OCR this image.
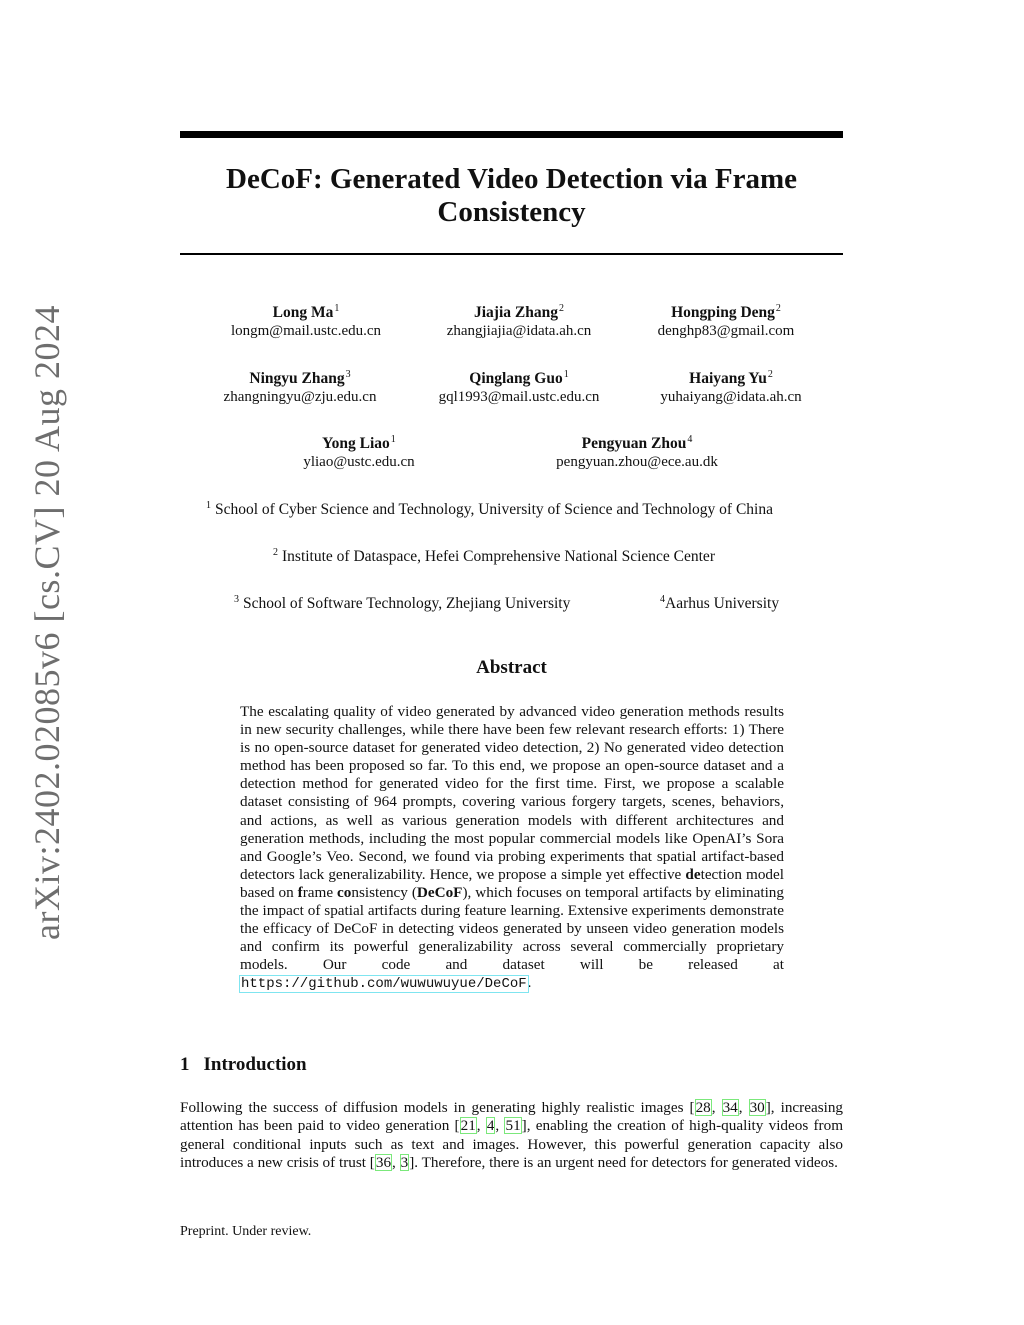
arXiv:2402.02085v6 [cs.CV] 20 Aug 2024
DeCoF: Generated Video Detection via Frame
Consistency
Long Ma$^1$
longm@mail.ustc.edu.cn
Jiajia Zhang$^2$
zhangjiajia@idata.ah.cn
Hongping Deng$^2$
denghp83@gmail.com
Ningyu Zhang$^3$
zhangningyu@zju.edu.cn
Qinglang Guo$^1$
gql1993@mail.ustc.edu.cn
Haiyang Yu$^2$
yuhaiyang@idata.ah.cn
Yong Liao$^1$
yliao@ustc.edu.cn
Pengyuan Zhou$^4$
pengyuan.zhou@ece.au.dk
$^1$ School of Cyber Science and Technology, University of Science and Technology of China
$^2$ Institute of Dataspace, Hefei Comprehensive National Science Center
$^3$ School of Software Technology, Zhejiang University	$^4$Aarhus University
Abstract
The escalating quality of video generated by advanced video generation methods results in new security challenges, while there have been few relevant research efforts: 1) There is no open-source dataset for generated video detection, 2) No generated video detection method has been proposed so far. To this end, we propose an open-source dataset and a detection method for generated video for the first time. First, we propose a scalable dataset consisting of 964 prompts, covering various forgery targets, scenes, behaviors, and actions, as well as various generation models with different architectures and generation methods, including the most popular commercial models like OpenAI’s Sora and Google’s Veo. Second, we found via probing experiments that spatial artifact-based detectors lack generalizability. Hence, we propose a simple yet effective detection model based on frame consistency (DeCoF), which focuses on temporal artifacts by eliminating the impact of spatial artifacts during feature learning. Extensive experiments demonstrate the efficacy of DeCoF in detecting videos generated by unseen video generation models and confirm its powerful generalizability across several commercially proprietary models. Our code and dataset will be released at https://github.com/wuwuwuyue/DeCoF.
1 Introduction
Following the success of diffusion models in generating highly realistic images [28, 34, 30], increasing attention has been paid to video generation [21, 4, 51], enabling the creation of high-quality videos from general conditional inputs such as text and images. However, this powerful generation capacity also introduces a new crisis of trust [36, 3]. Therefore, there is an urgent need for detectors for generated videos.
Preprint. Under review.
